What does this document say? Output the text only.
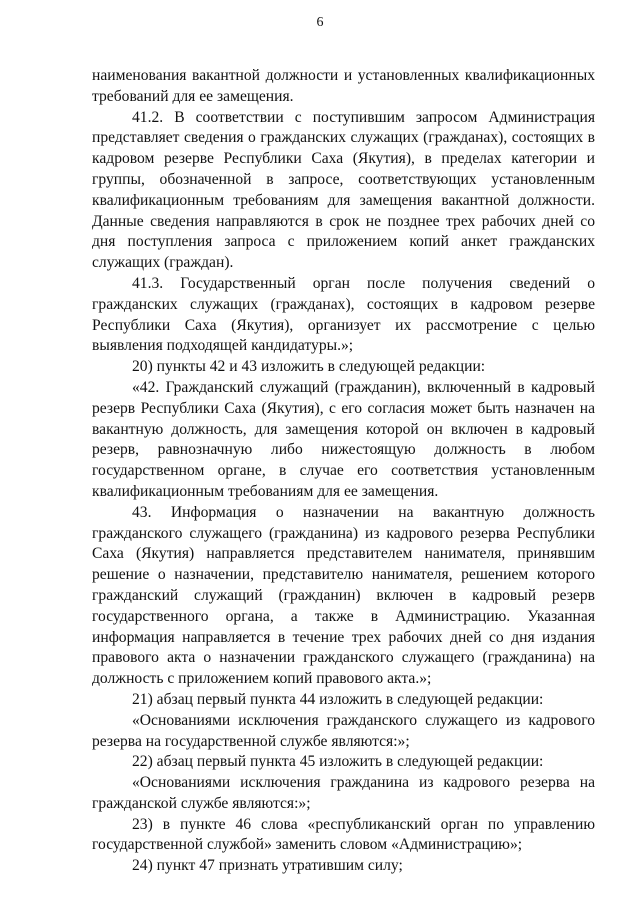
6

наименования вакантной должности и установленных квалификационных требований для ее замещения.

41.2. В соответствии с поступившим запросом Администрация представляет сведения о гражданских служащих (гражданах), состоящих в кадровом резерве Республики Саха (Якутия), в пределах категории и группы, обозначенной в запросе, соответствующих установленным квалификационным требованиям для замещения вакантной должности. Данные сведения направляются в срок не позднее трех рабочих дней со дня поступления запроса с приложением копий анкет гражданских служащих (граждан).

41.3. Государственный орган после получения сведений о гражданских служащих (гражданах), состоящих в кадровом резерве Республики Саха (Якутия), организует их рассмотрение с целью выявления подходящей кандидатуры.»;

20) пункты 42 и 43 изложить в следующей редакции:

«42. Гражданский служащий (гражданин), включенный в кадровый резерв Республики Саха (Якутия), с его согласия может быть назначен на вакантную должность, для замещения которой он включен в кадровый резерв, равнозначную либо нижестоящую должность в любом государственном органе, в случае его соответствия установленным квалификационным требованиям для ее замещения.

43. Информация о назначении на вакантную должность гражданского служащего (гражданина) из кадрового резерва Республики Саха (Якутия) направляется представителем нанимателя, принявшим решение о назначении, представителю нанимателя, решением которого гражданский служащий (гражданин) включен в кадровый резерв государственного органа, а также в Администрацию. Указанная информация направляется в течение трех рабочих дней со дня издания правового акта о назначении гражданского служащего (гражданина) на должность с приложением копий правового акта.»;

21) абзац первый пункта 44 изложить в следующей редакции:

«Основаниями исключения гражданского служащего из кадрового резерва на государственной службе являются:»;

22) абзац первый пункта 45 изложить в следующей редакции:

«Основаниями исключения гражданина из кадрового резерва на гражданской службе являются:»;

23) в пункте 46 слова «республиканский орган по управлению государственной службой» заменить словом «Администрацию»;

24) пункт 47 признать утратившим силу;
